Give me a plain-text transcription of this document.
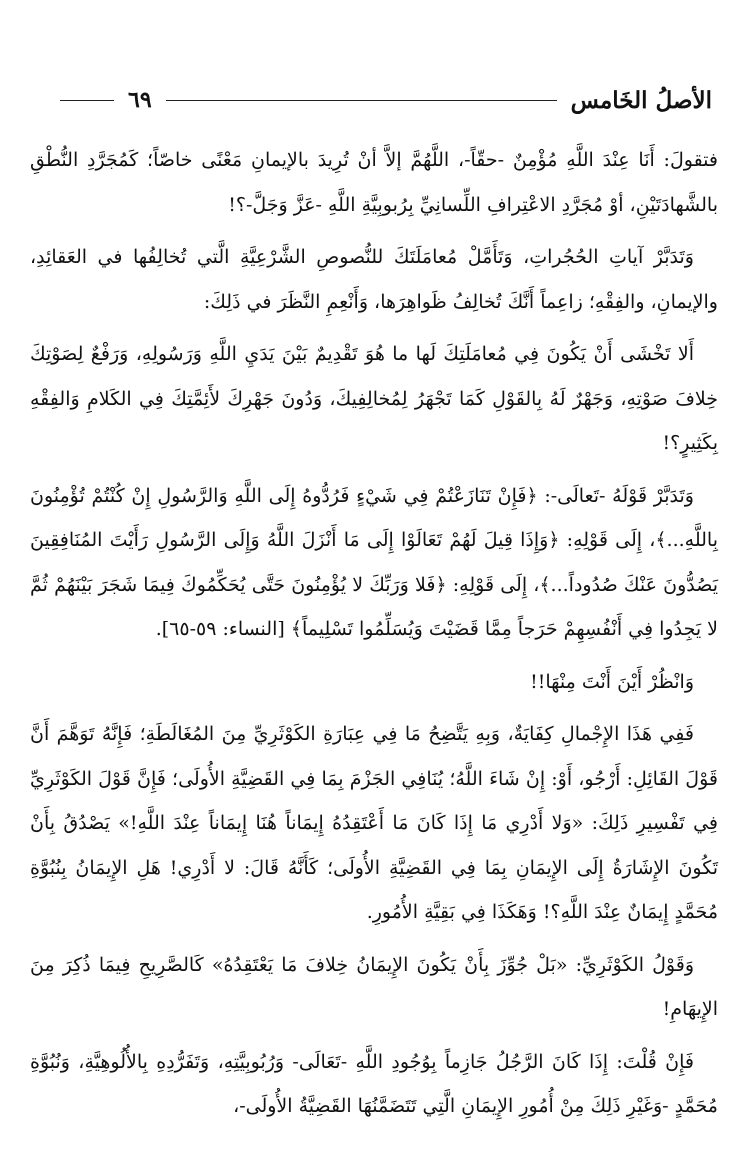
الأصلُ الخَامس
٦٩

فتقولَ: أَنَا عِنْدَ اللَّهِ مُؤْمِنٌ -حقّاً-، اللَّهُمَّ إلاَّ أنْ تُرِيدَ بالإيمانِ مَعْنًى خاصّاً؛ كَمُجَرَّدِ النُّطْقِ بالشَّهادَتَيْنِ، أوْ مُجَرَّدِ الاعْتِرافِ اللِّسانِيِّ بِرُبوبِيَّةِ اللَّهِ -عَزَّ وَجَلَّ-؟!

وَتَدَبَّرْ آياتِ الحُجُراتِ، وَتَأَمَّلْ مُعامَلَتَكَ للنُّصوصِ الشَّرْعِيَّةِ الَّتي تُخالِفُها في العَقائِدِ، والإيمانِ، والفِقْهِ؛ زاعِماً أَنَّكَ تُخالِفُ ظَواهِرَها، وَأَنْعِمِ النَّظَرَ في ذَلِكَ:

أَلا تَخْشَى أَنْ يَكُونَ فِي مُعامَلَتِكَ لَها ما هُوَ تَقْدِيمٌ بَيْنَ يَدَيِ اللَّهِ وَرَسُولِهِ، وَرَفْعٌ لِصَوْتِكَ خِلافَ صَوْتِهِ، وَجَهْرٌ لَهُ بِالقَوْلِ كَمَا تَجْهَرُ لِمُخالِفِيكَ، وَدُونَ جَهْرِكَ لأَئِمَّتِكَ فِي الكَلامِ وَالفِقْهِ بِكَثِيرٍ؟!

وَتَدَبَّرْ قَوْلَهُ -تَعالَى-: ﴿فَإِنْ تَنَازَعْتُمْ فِي شَيْءٍ فَرُدُّوهُ إِلَى اللَّهِ وَالرَّسُولِ إِنْ كُنْتُمْ تُؤْمِنُونَ بِاللَّهِ...﴾، إِلَى قَوْلِهِ: ﴿وَإِذَا قِيلَ لَهُمْ تَعَالَوْا إِلَى مَا أَنْزَلَ اللَّهُ وَإِلَى الرَّسُولِ رَأَيْتَ المُنَافِقِينَ يَصُدُّونَ عَنْكَ صُدُوداً...﴾، إِلَى قَوْلِهِ: ﴿فَلا وَرَبِّكَ لا يُؤْمِنُونَ حَتَّى يُحَكِّمُوكَ فِيمَا شَجَرَ بَيْنَهُمْ ثُمَّ لا يَجِدُوا فِي أَنْفُسِهِمْ حَرَجاً مِمَّا قَضَيْتَ وَيُسَلِّمُوا تَسْلِيماً﴾ [النساء: ٥٩-٦٥].

وَانْظُرْ أَيْنَ أَنْتَ مِنْهَا!!

فَفِي هَذَا الإِجْمالِ كِفَايَةٌ، وَبِهِ يَتَّضِحُ مَا فِي عِبَارَةِ الكَوْثَرِيِّ مِنَ المُغَالَطَةِ؛ فَإِنَّهُ تَوَهَّمَ أَنَّ قَوْلَ القَائِلِ: أَرْجُو، أَوْ: إِنْ شَاءَ اللَّهُ؛ يُنَافِي الجَزْمَ بِمَا فِي القَضِيَّةِ الأُولَى؛ فَإِنَّ قَوْلَ الكَوْثَرِيِّ فِي تَفْسِيرِ ذَلِكَ: «وَلا أَدْرِي مَا إِذَا كَانَ مَا أَعْتَقِدُهُ إِيمَاناً هُنَا إِيمَاناً عِنْدَ اللَّهِ!» يَصْدُقُ بِأَنْ تَكُونَ الإِشَارَةُ إِلَى الإِيمَانِ بِمَا فِي القَضِيَّةِ الأُولَى؛ كَأَنَّهُ قَالَ: لا أَدْرِي! هَلِ الإِيمَانُ بِنُبُوَّةِ مُحَمَّدٍ إِيمَانٌ عِنْدَ اللَّهِ؟! وَهَكَذَا فِي بَقِيَّةِ الأُمُورِ.

وَقَوْلُ الكَوْثَرِيِّ: «بَلْ جُوِّزَ بِأَنْ يَكُونَ الإِيمَانُ خِلافَ مَا يَعْتَقِدُهُ» كَالصَّرِيحِ فِيمَا ذُكِرَ مِنَ الإِيهَامِ!

فَإِنْ قُلْتَ: إِذَا كَانَ الرَّجُلُ جَازِماً بِوُجُودِ اللَّهِ -تَعَالَى- وَرُبُوبِيَّتِهِ، وَتَفَرُّدِهِ بِالأُلُوهِيَّةِ، وَنُبُوَّةِ مُحَمَّدٍ -وَغَيْرِ ذَلِكَ مِنْ أُمُورِ الإِيمَانِ الَّتِي تَتَضَمَّنُهَا القَضِيَّةُ الأُولَى-،
